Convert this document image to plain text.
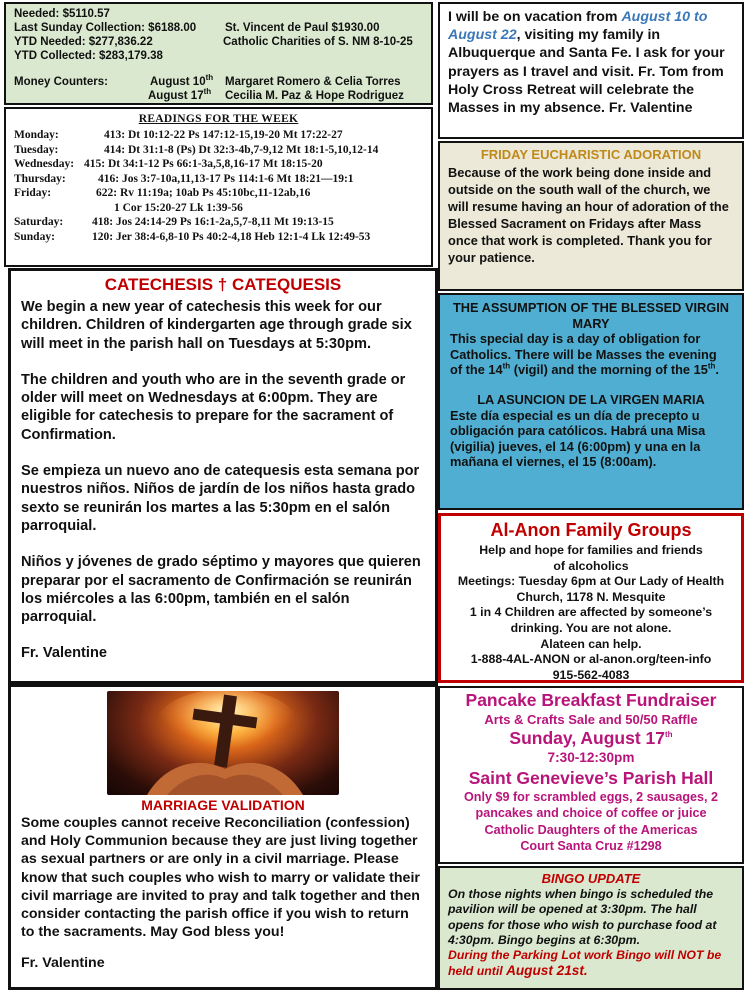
Needed: $5110.57
Last Sunday Collection: $6188.00	St. Vincent de Paul $1930.00
YTD Needed: $277,836.22	Catholic Charities of S. NM 8-10-25
YTD Collected: $283,179.38
Money Counters:	August 10th Margaret Romero & Celia Torres
August 17th Cecilia M. Paz & Hope Rodriguez
READINGS FOR THE WEEK
Monday:	413: Dt 10:12-22 Ps 147:12-15,19-20 Mt 17:22-27
Tuesday:	414: Dt 31:1-8 (Ps) Dt 32:3-4b,7-9,12 Mt 18:1-5,10,12-14
Wednesday: 415: Dt 34:1-12 Ps 66:1-3a,5,8,16-17 Mt 18:15-20
Thursday:	416: Jos 3:7-10a,11,13-17 Ps 114:1-6 Mt 18:21—19:1
Friday:	622: Rv 11:19a; 10ab Ps 45:10bc,11-12ab,16
1 Cor 15:20-27 Lk 1:39-56
Saturday:	418: Jos 24:14-29 Ps 16:1-2a,5,7-8,11 Mt 19:13-15
Sunday:	120: Jer 38:4-6,8-10 Ps 40:2-4,18 Heb 12:1-4 Lk 12:49-53
CATECHESIS † CATEQUESIS
We begin a new year of catechesis this week for our children. Children of kindergarten age through grade six will meet in the parish hall on Tuesdays at 5:30pm.
The children and youth who are in the seventh grade or older will meet on Wednesdays at 6:00pm. They are eligible for catechesis to prepare for the sacrament of Confirmation.
Se empieza un nuevo ano de catequesis esta semana por nuestros niños. Niños de jardín de los niños hasta grado sexto se reunirán los martes a las 5:30pm en el salón parroquial.
Niños y jóvenes de grado séptimo y mayores que quieren preparar por el sacramento de Confirmación se reunirán los miércoles a las 6:00pm, también en el salón parroquial.
Fr. Valentine
MARRIAGE VALIDATION
Some couples cannot receive Reconciliation (confession) and Holy Communion because they are just living together as sexual partners or are only in a civil marriage. Please know that such couples who wish to marry or validate their civil marriage are invited to pray and talk together and then consider contacting the parish office if you wish to return to the sacraments. May God bless you!
Fr. Valentine
I will be on vacation from August 10 to August 22, visiting my family in Albuquerque and Santa Fe. I ask for your prayers as I travel and visit. Fr. Tom from Holy Cross Retreat will celebrate the Masses in my absence. Fr. Valentine
FRIDAY EUCHARISTIC ADORATION
Because of the work being done inside and outside on the south wall of the church, we will resume having an hour of adoration of the Blessed Sacrament on Fridays after Mass once that work is completed. Thank you for your patience.
THE ASSUMPTION OF THE BLESSED VIRGIN MARY
This special day is a day of obligation for Catholics. There will be Masses the evening of the 14th (vigil) and the morning of the 15th.
LA ASUNCION DE LA VIRGEN MARIA
Este día especial es un día de precepto u obligación para católicos. Habrá una Misa (vigilia) jueves, el 14 (6:00pm) y una en la mañana el viernes, el 15 (8:00am).
Al-Anon Family Groups
Help and hope for families and friends of alcoholics
Meetings: Tuesday 6pm at Our Lady of Health Church, 1178 N. Mesquite
1 in 4 Children are affected by someone’s drinking. You are not alone.
Alateen can help.
1-888-4AL-ANON or al-anon.org/teen-info
915-562-4083
Pancake Breakfast Fundraiser
Arts & Crafts Sale and 50/50 Raffle
Sunday, August 17th
7:30-12:30pm
Saint Genevieve’s Parish Hall
Only $9 for scrambled eggs, 2 sausages, 2 pancakes and choice of coffee or juice
Catholic Daughters of the Americas
Court Santa Cruz #1298
BINGO UPDATE
On those nights when bingo is scheduled the pavilion will be opened at 3:30pm. The hall opens for those who wish to purchase food at 4:30pm. Bingo begins at 6:30pm.
During the Parking Lot work Bingo will NOT be held until August 21st.
